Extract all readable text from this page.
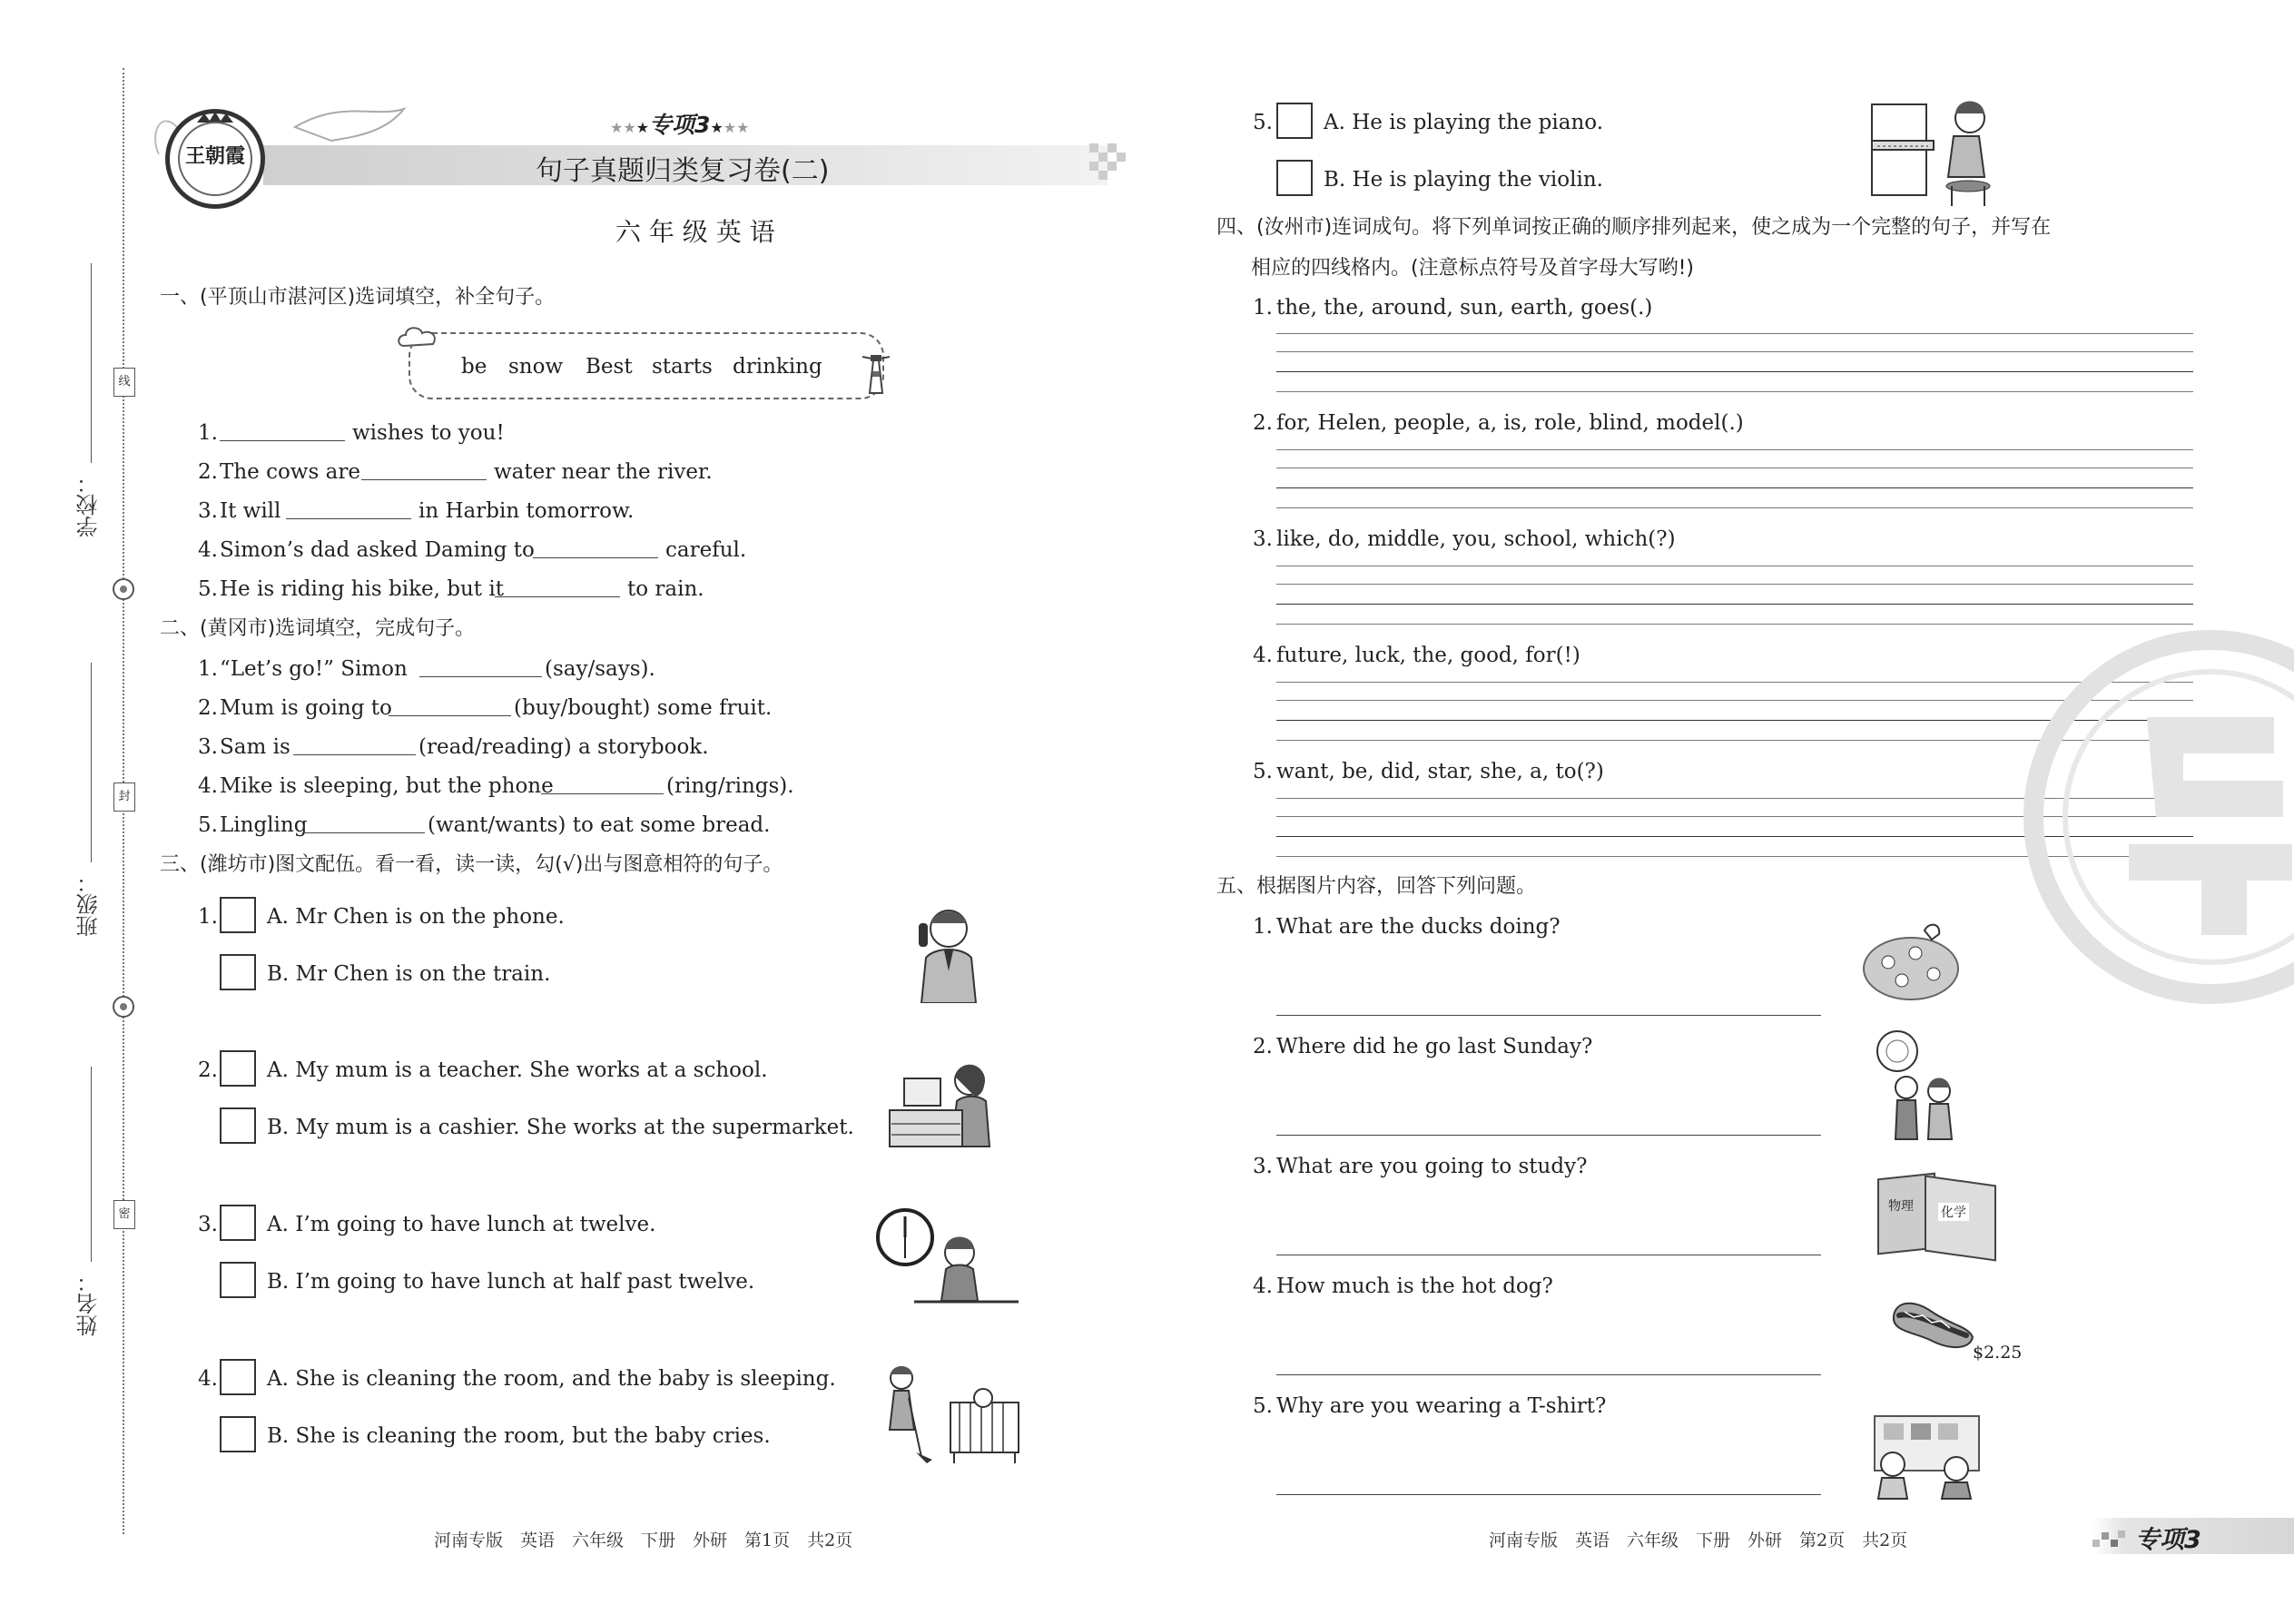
学校：
班级：
姓名：
线
封
密
王朝霞
★★★专项3★★★
句子真题归类复习卷(二)
六 年 级 英 语
一、(平顶山市湛河区)选词填空，补全句子。
be snow Best starts drinking
1.	wishes to you!
2. The cows are	water near the river.
3. It will	in Harbin tomorrow.
4. Simon’s dad asked Daming to	careful.
5. He is riding his bike, but it	to rain.
二、(黄冈市)选词填空，完成句子。
1. “Let’s go!” Simon	(say/says).
2. Mum is going to	(buy/bought) some fruit.
3. Sam is	(read/reading) a storybook.
4. Mike is sleeping, but the phone	(ring/rings).
5. Lingling	(want/wants) to eat some bread.
三、(潍坊市)图文配伍。看一看，读一读，勾(√)出与图意相符的句子。
1. A. Mr Chen is on the phone.
B. Mr Chen is on the train.
2. A. My mum is a teacher. She works at a school.
B. My mum is a cashier. She works at the supermarket.
3. A. I’m going to have lunch at twelve.
B. I’m going to have lunch at half past twelve.
4. A. She is cleaning the room, and the baby is sleeping.
B. She is cleaning the room, but the baby cries.
5. A. He is playing the piano.
B. He is playing the violin.
四、(汝州市)连词成句。将下列单词按正确的顺序排列起来，使之成为一个完整的句子，并写在
相应的四线格内。(注意标点符号及首字母大写哟!)
1. the, the, around, sun, earth, goes(.)
2. for, Helen, people, a, is, role, blind, model(.)
3. like, do, middle, you, school, which(?)
4. future, luck, the, good, for(!)
5. want, be, did, star, she, a, to(?)
五、根据图片内容，回答下列问题。
1. What are the ducks doing?
2. Where did he go last Sunday?
3. What are you going to study?
物理 化学
4. How much is the hot dog?
$2.25
5. Why are you wearing a T-shirt?
河南专版　英语　六年级　下册　外研　第1页　共2页	河南专版　英语　六年级　下册　外研　第2页　共2页	专项3
